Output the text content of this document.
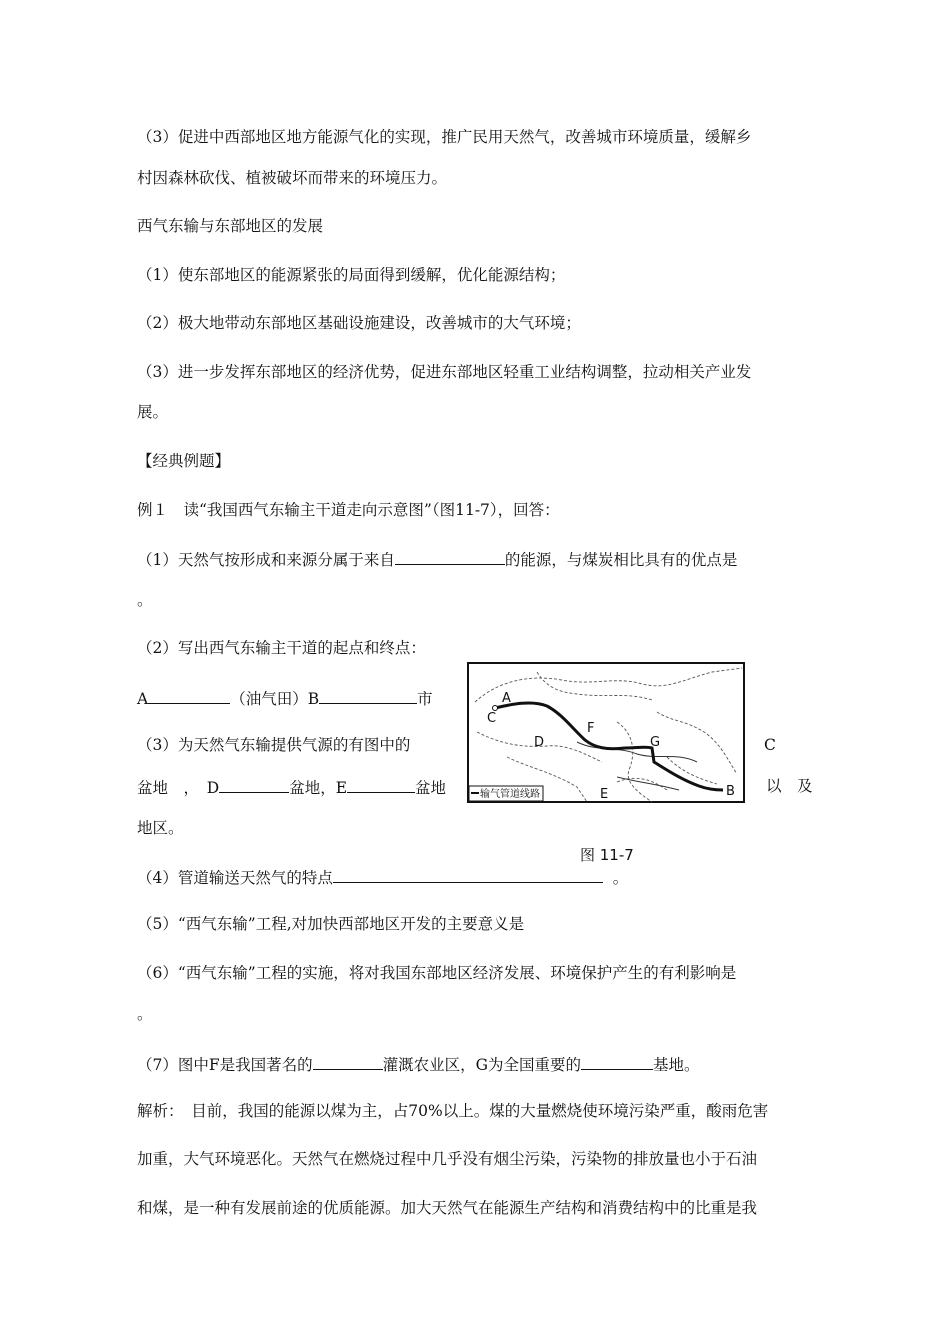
（3）促进中西部地区地方能源气化的实现，推广民用天然气，改善城市环境质量，缓解乡
村因森林砍伐、植被破坏而带来的环境压力。
西气东输与东部地区的发展
（1）使东部地区的能源紧张的局面得到缓解，优化能源结构；
（2）极大地带动东部地区基础设施建设，改善城市的大气环境；
（3）进一步发挥东部地区的经济优势，促进东部地区轻重工业结构调整，拉动相关产业发
展。
【经典例题】
例１　读“我国西气东输主干道走向示意图”（图11-7），回答：
（1）天然气按形成和来源分属于来自	的能源，与煤炭相比具有的优点是
。
（2）写出西气东输主干道的起点和终点：
A	（油气田）B	市
（3）为天然气东输提供气源的有图中的	C
盆地　，　D	盆地，E	盆地	以　及
地区。
图 11-7
（4）管道输送天然气的特点	。
（5）“西气东输”工程,对加快西部地区开发的主要意义是
（6）“西气东输”工程的实施，将对我国东部地区经济发展、环境保护产生的有利影响是
。
（7）图中F是我国著名的	灌溉农业区，G为全国重要的	基地。
解析：　目前，我国的能源以煤为主，占70%以上。煤的大量燃烧使环境污染严重，酸雨危害
加重，大气环境恶化。天然气在燃烧过程中几乎没有烟尘污染，污染物的排放量也小于石油
和煤，是一种有发展前途的优质能源。加大天然气在能源生产结构和消费结构中的比重是我
A
C
D
F
G
E	B
输气管道线路
